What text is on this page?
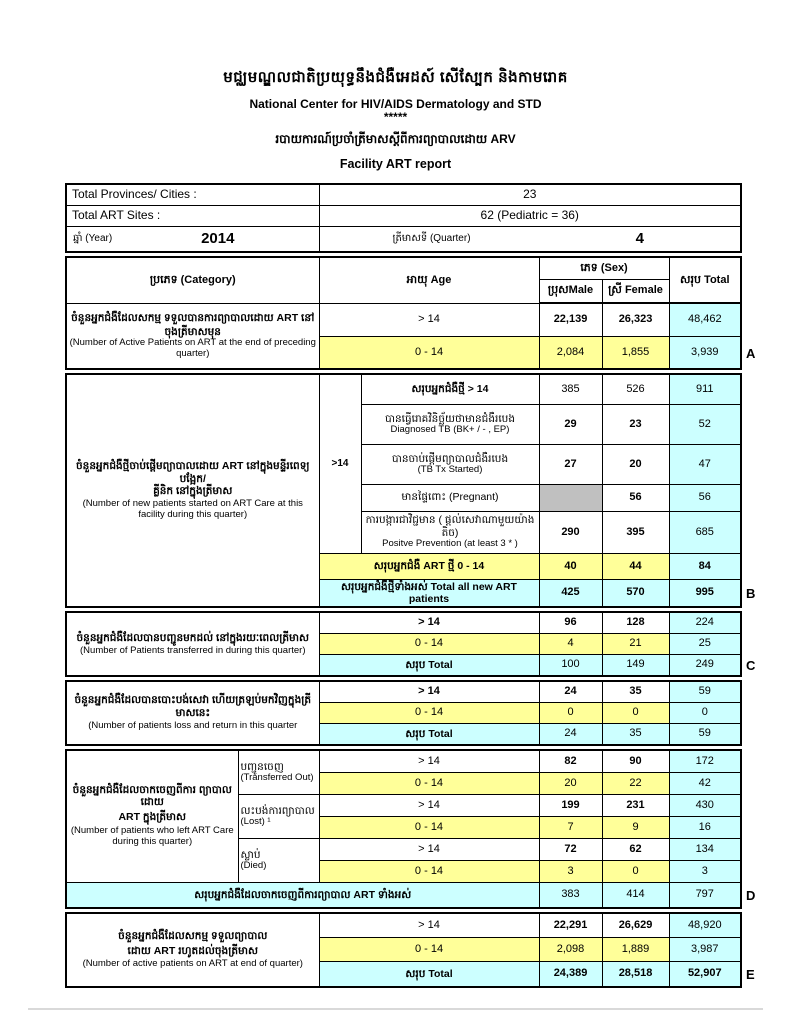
មជ្ឈមណ្ឌលជាតិប្រយុទ្ធនឹងជំងឺអេដស៍ សើស្បែក និងកាមរោគ
National Center for HIV/AIDS Dermatology and STD
*****
របាយការណ៍ប្រចាំត្រីមាសស្តីពីការព្យាបាលដោយ ARV
Facility ART report
Total Provinces/ Cities :	23
Total ART Sites :	62 (Pediatric = 36)

ឆ្នាំ (Year) 2014	ត្រីមាសទី (Quarter) 4
ប្រភេទ (Category)	អាយុ Age	ភេទ (Sex)		សរុប Total
		ប្រុសMale	ស្រី Female	

ចំនួនអ្នកជំងឺដែលសកម្ម ទទួលបានការព្យាបាលដោយ ART នៅ
ចុងត្រីមាសមុន
(Number of Active Patients on ART at the end of preceding quarter)	> 14	22,139	26,323	48,462
	0 - 14	2,084	1,855	3,939 A
ចំនួនអ្នកជំងឺថ្មីចាប់ផ្តើមព្យាបាលដោយ ART នៅក្នុងមន្ទីរពេទ្យបង្អែក/
គ្លីនិក នៅក្នុងត្រីមាស
(Number of new patients started on ART Care at this facility during this quarter)	>14	សរុបអ្នកជំងឺថ្មី > 14	385	526	911

		បានធ្វើរោគវិនិច្ឆ័យថាមានជំងឺរបេង
Diagnosed TB (BK+ / - , EP)	29	23	52

		បានចាប់ផ្តើមព្យាបាលជំងឺរបេង
(TB Tx Started)	27	20	47
		មានផ្ទៃពោះ (Pregnant)		56	56

		ការបង្ការជាវិជ្ជមាន ( ផ្តល់សេវាណាមួយយ៉ាងតិច)
Positve Prevention (at least 3 * )	290	395	685
	សរុបអ្នកជំងឺ ART ថ្មី 0 - 14		40	44	84
	សរុបអ្នកជំងឺថ្មីទាំងអស់ Total all new ART patients		425	570	995 B
ចំនួនអ្នកជំងឺដែលបានបញ្ជូនមកដល់ នៅក្នុងរយៈពេលត្រីមាស
(Number of Patients transferred in during this quarter)	> 14	96	128	224
	0 - 14	4	21	25
	សរុប Total	100	149	249 C
ចំនួនអ្នកជំងឺដែលបានបោះបង់សេវា ហើយត្រឡប់មកវិញក្នុងត្រីមាសនេះ
(Number of patients loss and return in this quarter	> 14	24	35	59
	0 - 14	0	0	0
	សរុប Total	24	35	59
ចំនួនអ្នកជំងឺដែលចាកចេញពីការ ព្យាបាលដោយ
ART ក្នុងត្រីមាស
(Number of patients who left ART Care during this quarter)	បញ្ជូនចេញ
(Transferred Out)	> 14	82	90	172
		0 - 14	20	22	42

	លះបង់ការព្យាបាល
(Lost) ¹	> 14	199	231	430
		0 - 14	7	9	16

	ស្លាប់
(Died)	> 14	72	62	134
		0 - 14	3	0	3
សរុបអ្នកជំងឺដែលចាកចេញពីការព្យាបាល ART ទាំងអស់			383	414	797 D
ចំនួនអ្នកជំងឺដែលសកម្ម ទទួលព្យាបាល
ដោយ ART រហូតដល់ចុងត្រីមាស
(Number of active patients on ART at end of quarter)	> 14	22,291	26,629	48,920
	0 - 14	2,098	1,889	3,987
	សរុប Total	24,389	28,518	52,907 E
